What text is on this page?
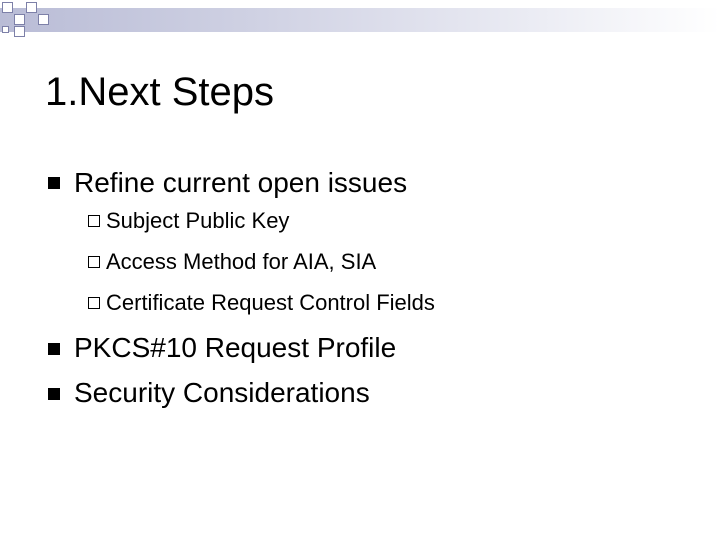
1.Next Steps
Refine current open issues
Subject Public Key
Access Method for AIA, SIA
Certificate Request Control Fields
PKCS#10 Request Profile
Security Considerations
